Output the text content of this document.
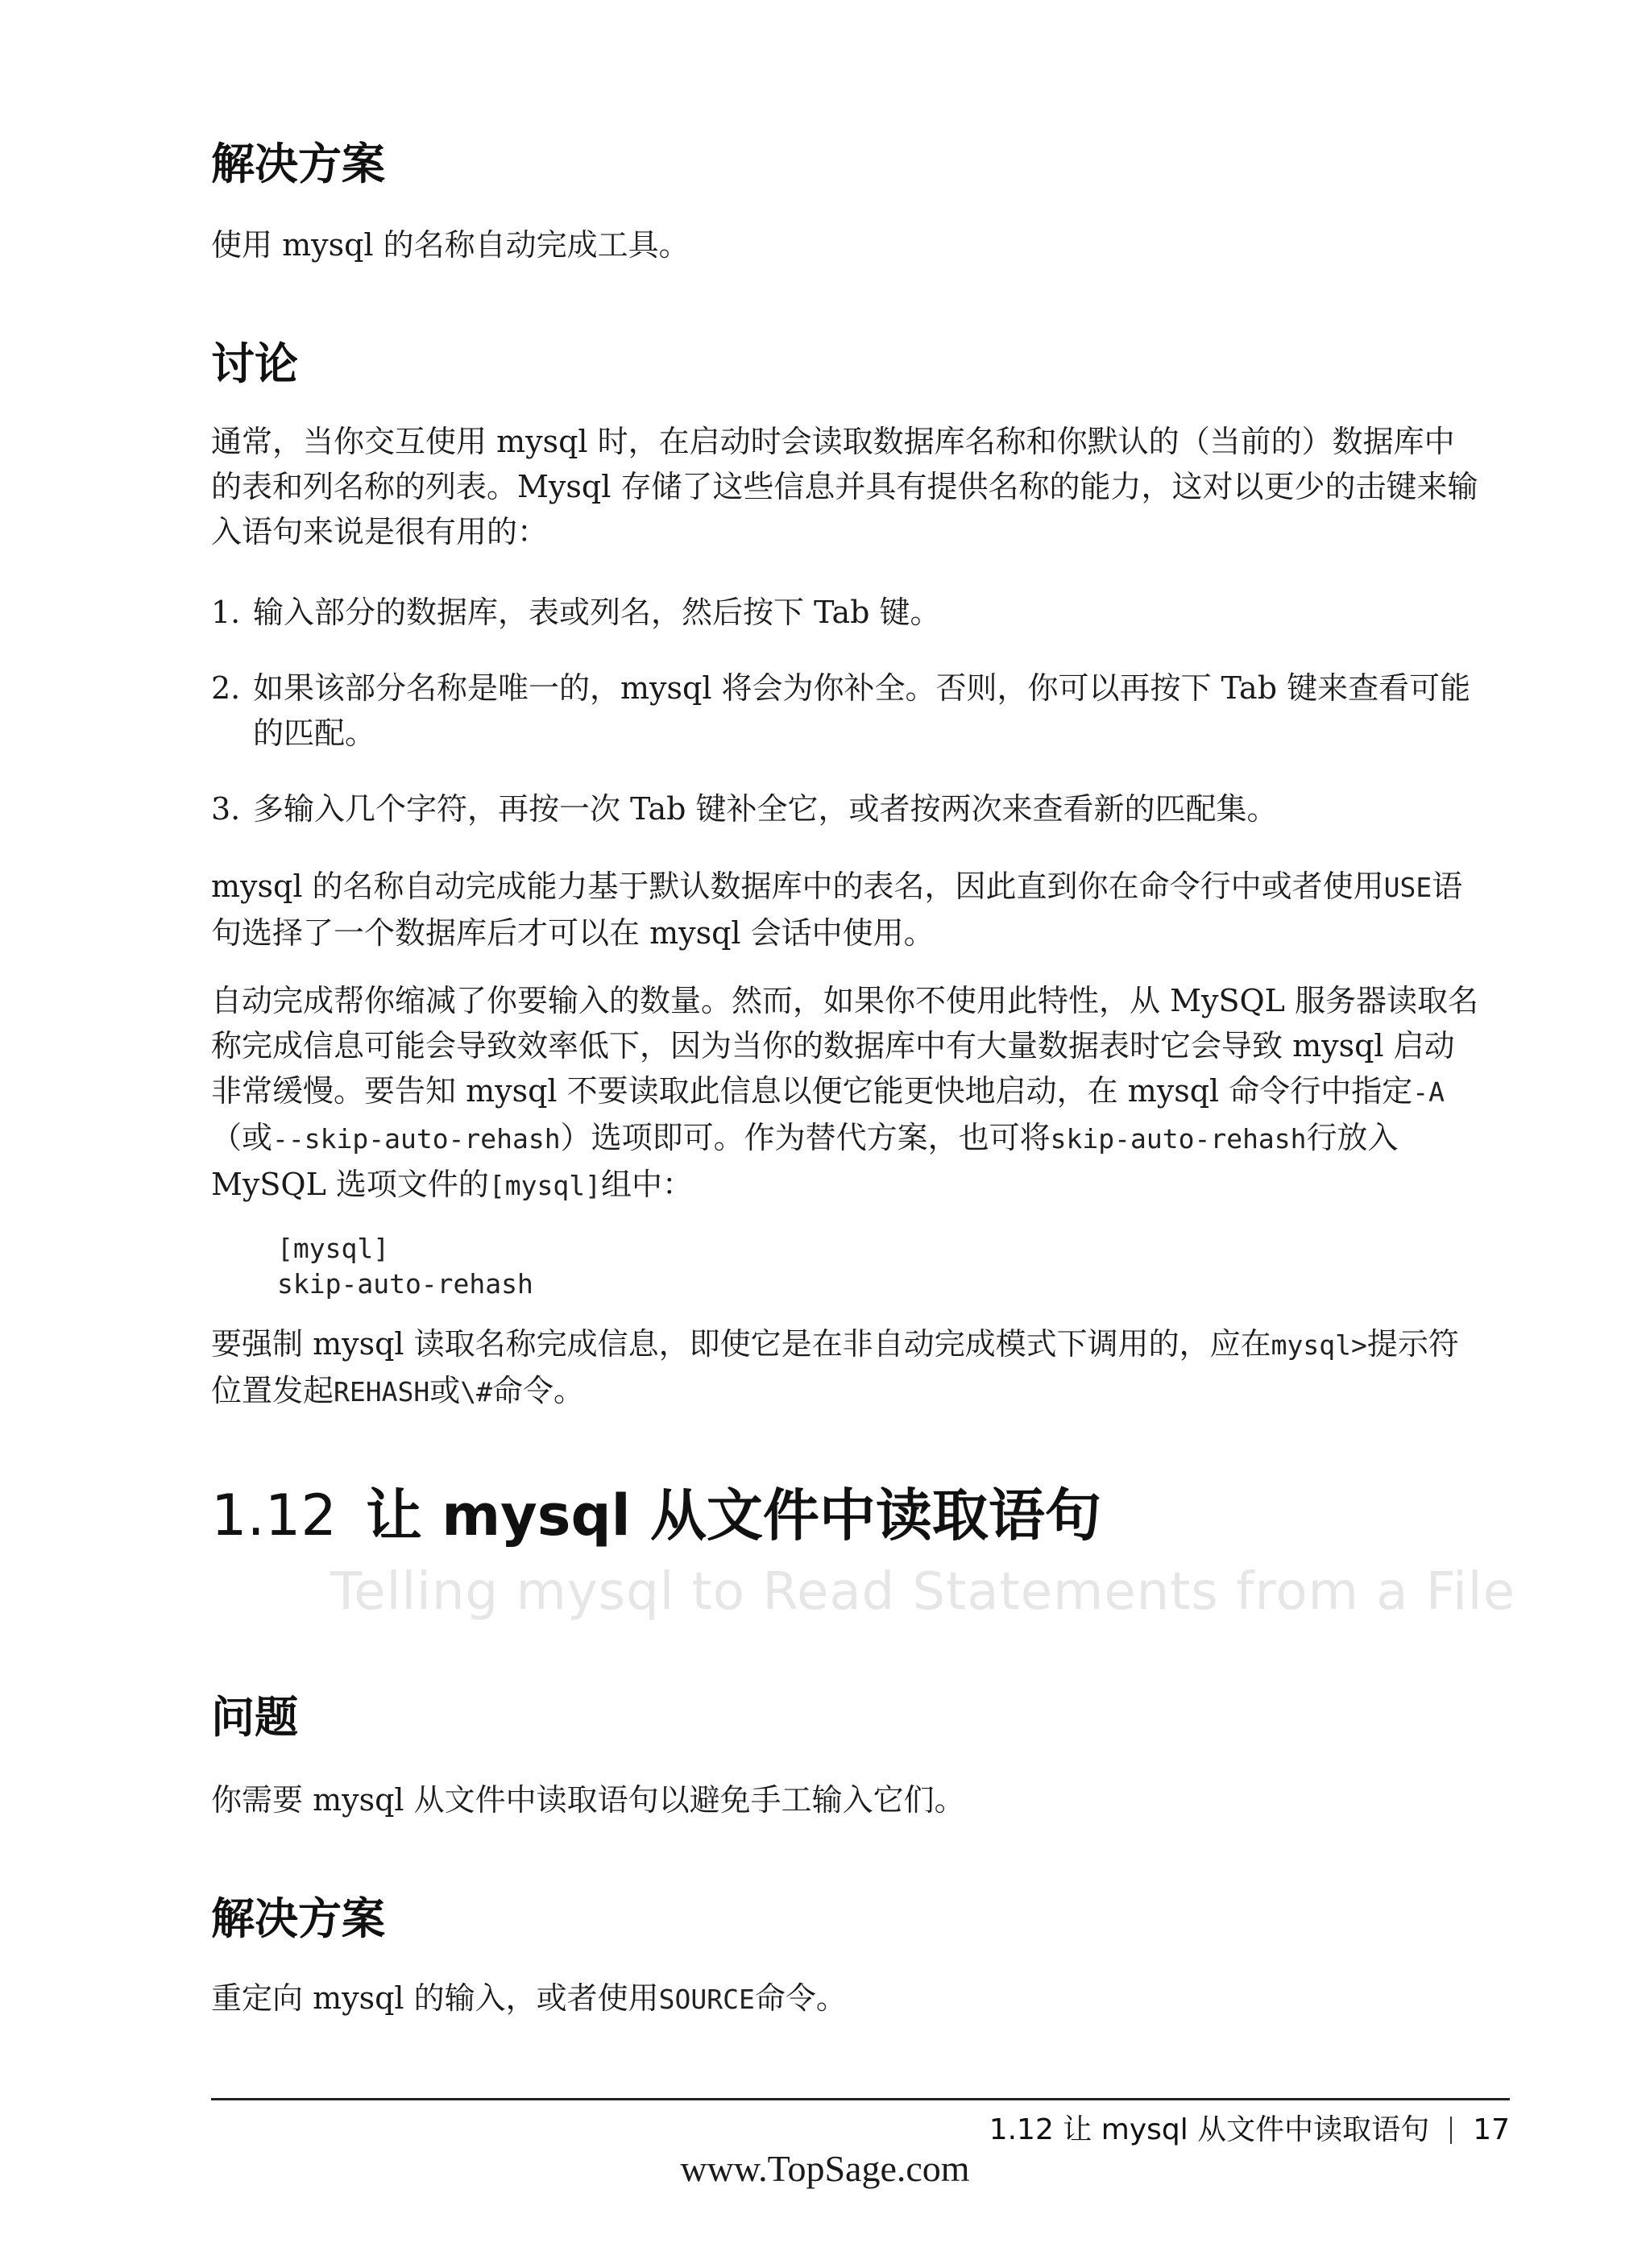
解决方案

使用 mysql 的名称自动完成工具。

讨论

通常，当你交互使用 mysql 时，在启动时会读取数据库名称和你默认的（当前的）数据库中的表和列名称的列表。Mysql 存储了这些信息并具有提供名称的能力，这对以更少的击键来输入语句来说是很有用的：

1. 输入部分的数据库，表或列名，然后按下 Tab 键。
2. 如果该部分名称是唯一的，mysql 将会为你补全。否则，你可以再按下 Tab 键来查看可能的匹配。
3. 多输入几个字符，再按一次 Tab 键补全它，或者按两次来查看新的匹配集。

mysql 的名称自动完成能力基于默认数据库中的表名，因此直到你在命令行中或者使用USE语句选择了一个数据库后才可以在 mysql 会话中使用。

自动完成帮你缩减了你要输入的数量。然而，如果你不使用此特性，从 MySQL 服务器读取名称完成信息可能会导致效率低下，因为当你的数据库中有大量数据表时它会导致 mysql 启动非常缓慢。要告知 mysql 不要读取此信息以便它能更快地启动，在 mysql 命令行中指定-A（或--skip-auto-rehash）选项即可。作为替代方案，也可将skip-auto-rehash行放入 MySQL 选项文件的[mysql]组中：

[mysql]
skip-auto-rehash

要强制 mysql 读取名称完成信息，即使它是在非自动完成模式下调用的，应在mysql>提示符位置发起REHASH或\#命令。

1.12 让 mysql 从文件中读取语句
Telling mysql to Read Statements from a File
问题

你需要 mysql 从文件中读取语句以避免手工输入它们。

解决方案

重定向 mysql 的输入，或者使用SOURCE命令。

1.12 让 mysql 从文件中读取语句 17
www.TopSage.com
